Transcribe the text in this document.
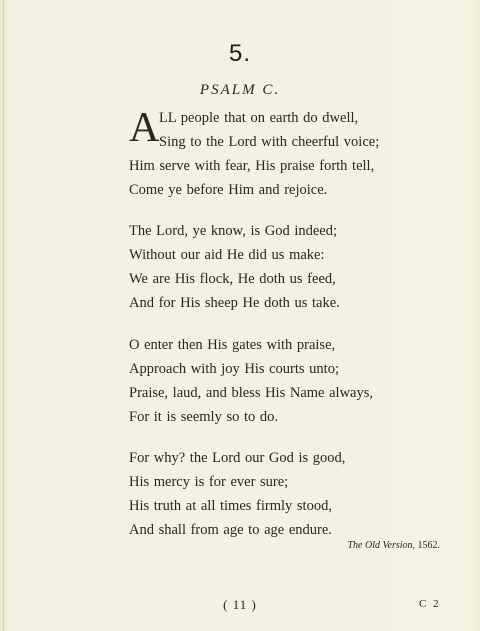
5.
PSALM C.
A LL people that on earth do dwell,
Sing to the Lord with cheerful voice;
Him serve with fear, His praise forth tell,
Come ye before Him and rejoice.
The Lord, ye know, is God indeed;
Without our aid He did us make:
We are His flock, He doth us feed,
And for His sheep He doth us take.
O enter then His gates with praise,
Approach with joy His courts unto;
Praise, laud, and bless His Name always,
For it is seemly so to do.
For why? the Lord our God is good,
His mercy is for ever sure;
His truth at all times firmly stood,
And shall from age to age endure.
The Old Version, 1562.
( 11 )	C 2
